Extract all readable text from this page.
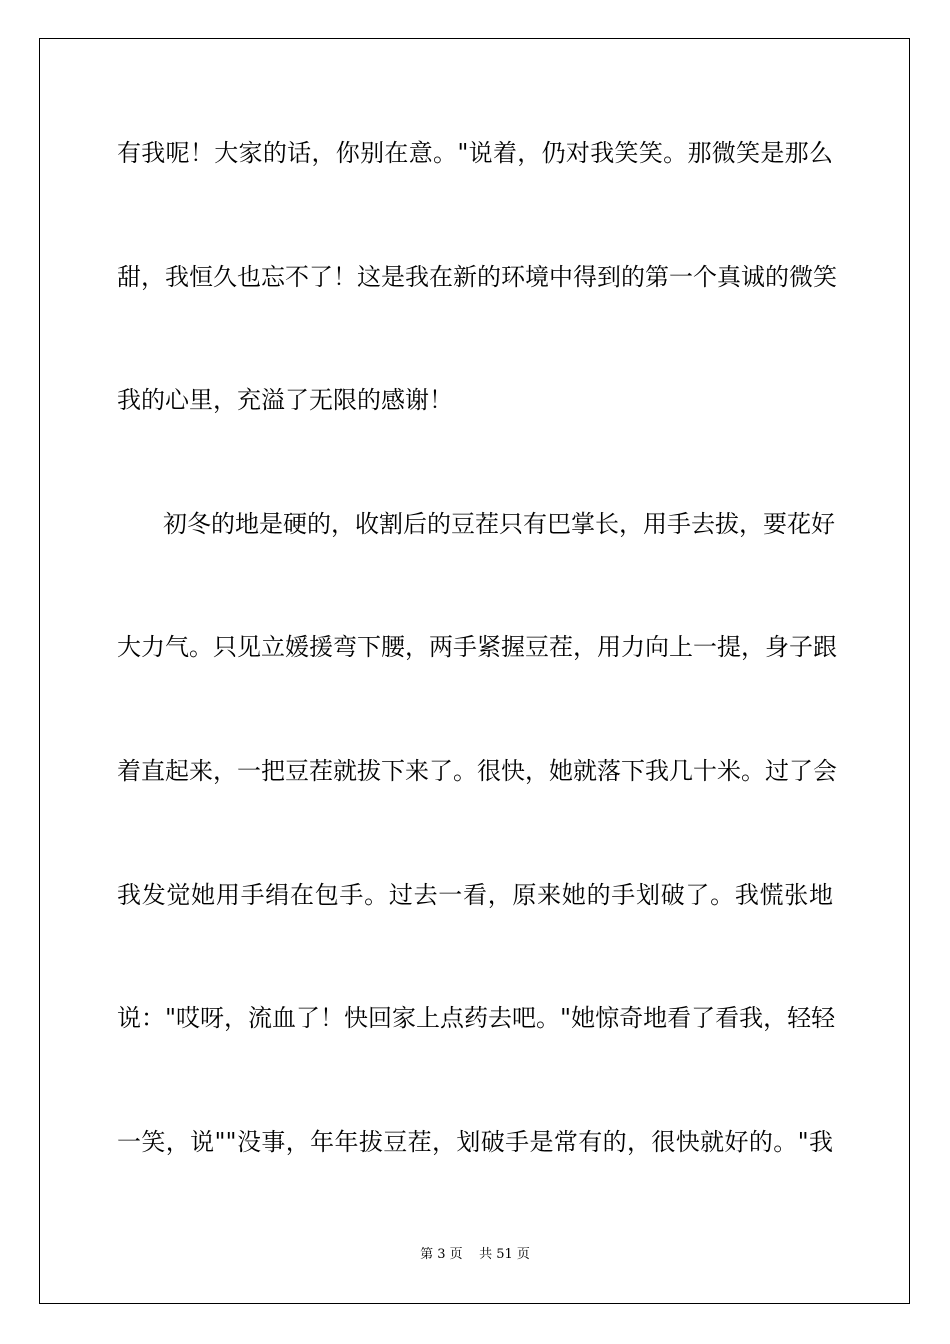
有我呢！大家的话，你别在意。"说着，仍对我笑笑。那微笑是那么
甜，我恒久也忘不了！这是我在新的环境中得到的第一个真诚的微笑
我的心里，充溢了无限的感谢！
初冬的地是硬的，收割后的豆茬只有巴掌长，用手去拔，要花好
大力气。只见立媛援弯下腰，两手紧握豆茬，用力向上一提，身子跟
着直起来，一把豆茬就拔下来了。很快，她就落下我几十米。过了会
我发觉她用手绢在包手。过去一看，原来她的手划破了。我慌张地
说："哎呀，流血了！快回家上点药去吧。"她惊奇地看了看我，轻轻
一笑，说""没事，年年拔豆茬，划破手是常有的，很快就好的。"我
第 3 页    共 51 页
